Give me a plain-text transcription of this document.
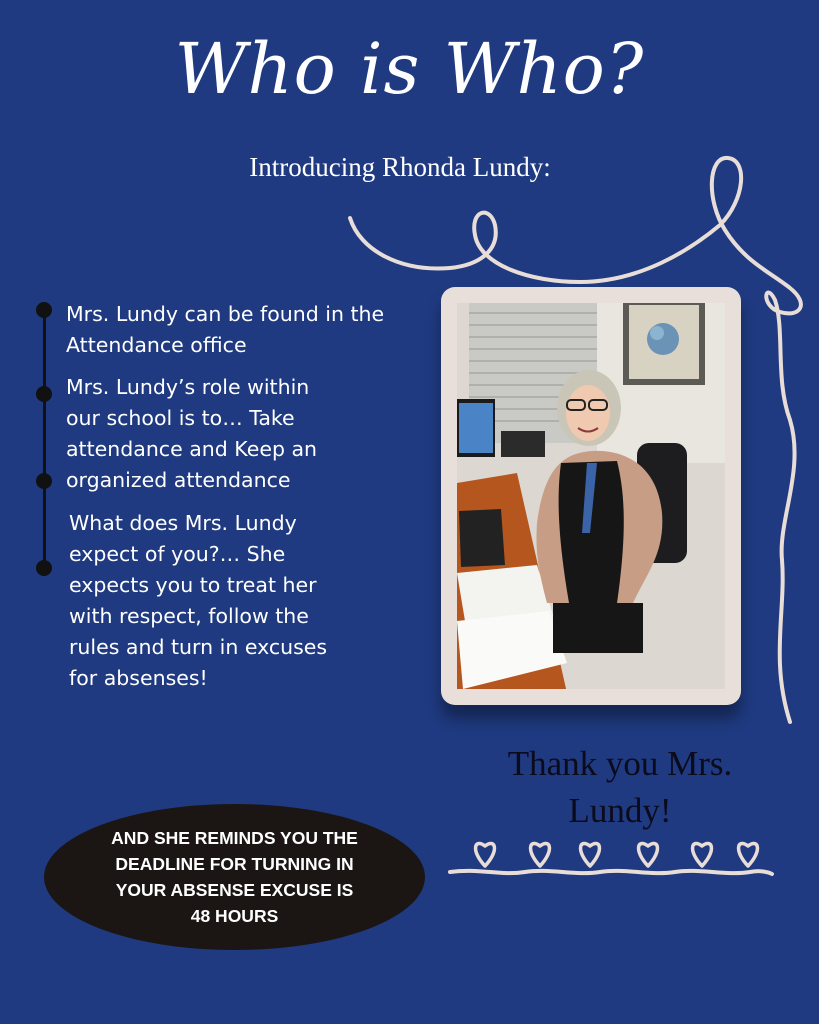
Who is Who?
Introducing Rhonda Lundy:
Mrs. Lundy can be found in the Attendance office
Mrs. Lundy’s role within our school is to… Take attendance and Keep an organized attendance
What does Mrs. Lundy expect of you?… She expects you to treat her with respect, follow the rules and turn in excuses for absenses!
Thank you Mrs. Lundy!
AND SHE REMINDS YOU THE DEADLINE FOR TURNING IN YOUR ABSENSE EXCUSE IS 48 HOURS
